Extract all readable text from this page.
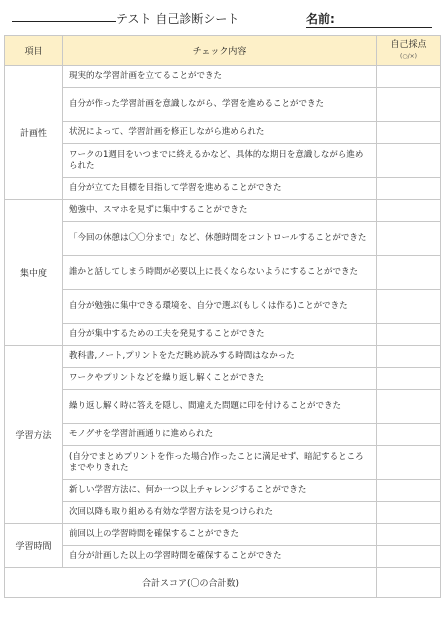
テスト 自己診断シート	名前:
項目	チェック内容	自己採点
(○/×)

計画性	現実的な学習計画を立てることができた	
	自分が作った学習計画を意識しながら、学習を進めることができた	
	状況によって、学習計画を修正しながら進められた	
	ワークの1週目をいつまでに終えるかなど、具体的な期日を意識しながら進められた	
	自分が立てた目標を目指して学習を進めることができた	
集中度	勉強中、スマホを見ずに集中することができた	
	「今回の休憩は〇〇分まで」など、休憩時間をコントロールすることができた	
	誰かと話してしまう時間が必要以上に長くならないようにすることができた	
	自分が勉強に集中できる環境を、自分で選ぶ(もしくは作る)ことができた	
	自分が集中するための工夫を発見することができた	
学習方法	教科書,ノート,プリントをただ眺め読みする時間はなかった	
	ワークやプリントなどを繰り返し解くことができた	
	繰り返し解く時に答えを隠し、間違えた問題に印を付けることができた	
	モノグサを学習計画通りに進められた	
	(自分でまとめプリントを作った場合)作ったことに満足せず、暗記するところまでやりきれた	
	新しい学習方法に、何か一つ以上チャレンジすることができた	
	次回以降も取り組める有効な学習方法を見つけられた	
学習時間	前回以上の学習時間を確保することができた	
	自分が計画した以上の学習時間を確保することができた	
合計スコア(〇の合計数)		
